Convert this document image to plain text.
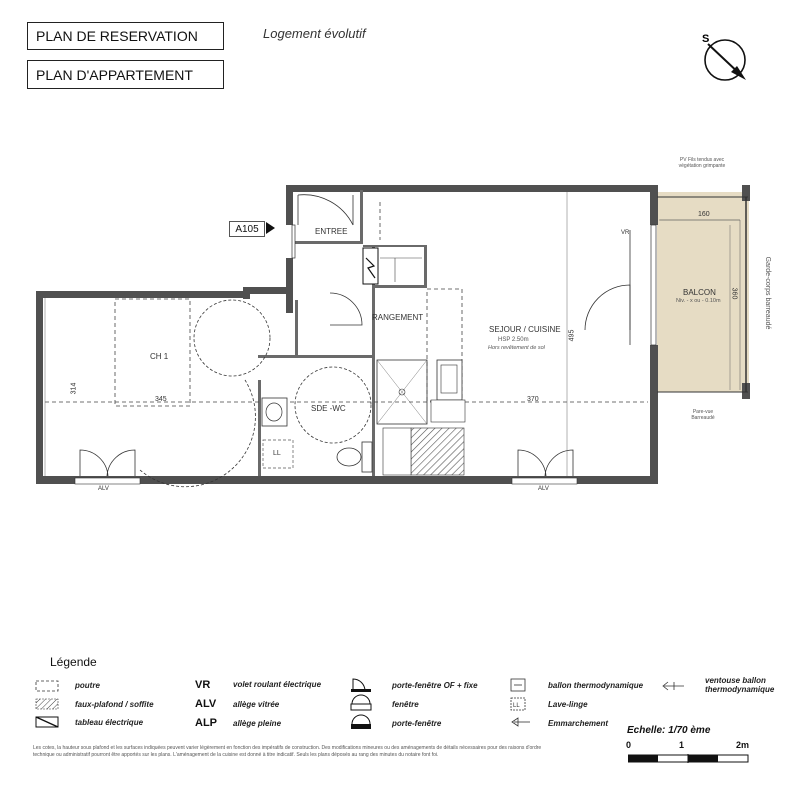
PLAN DE RESERVATION
PLAN D'APPARTEMENT
Logement évolutif	S
A105	ENTREE
RANGEMENT
CH 1
SDE -WC
SEJOUR / CUISINE
HSP 2.50m
Hors revêtement de sol
BALCON
Niv. - x ou - 0.10m
160
360
345
314
370
495
VR
LL
ALV	ALV
PV Fils tendus avec végétation grimpante
Garde-corps barreaudé
Pare-vue Barreaudé
Légende
poutre
faux-plafond / soffite
tableau électrique
VR	volet roulant électrique
ALV allège vitrée
ALP allège pleine
porte-fenêtre OF + fixe
fenêtre
porte-fenêtre
ballon thermodynamique
LL	Lave-linge
Emmarchement
ventouse ballon thermodynamique
Les cotes, la hauteur sous plafond et les surfaces indiquées peuvent varier légèrement en fonction des impératifs de construction. Des modifications mineures ou des aménagements de détails nécessaires pour des raisons d'ordre technique ou administratif pourront être apportés sur les plans. L'aménagement de la cuisine est donné à titre indicatif. Seuls les plans déposés au rang des minutes du notaire font foi.
Echelle: 1/70 ème
0	1	2m
